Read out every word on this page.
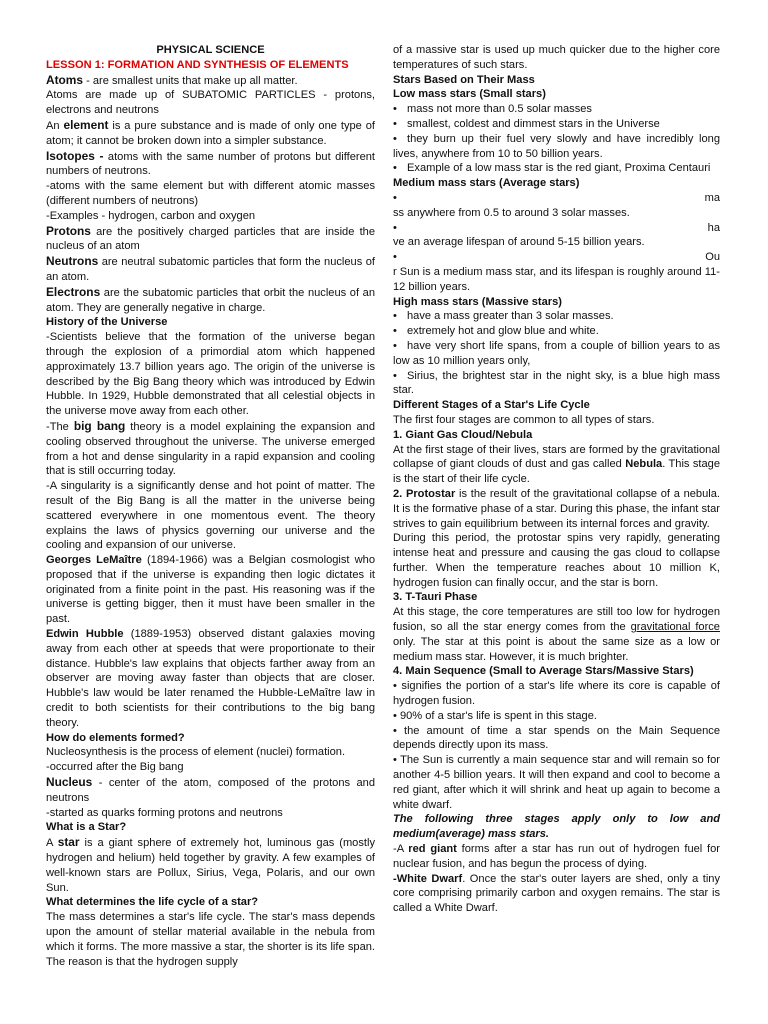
PHYSICAL SCIENCE

LESSON 1: FORMATION AND SYNTHESIS OF ELEMENTS

Atoms - are smallest units that make up all matter.

Atoms are made up of SUBATOMIC PARTICLES - protons, electrons and neutrons

An element is a pure substance and is made of only one type of atom; it cannot be broken down into a simpler substance.

Isotopes - atoms with the same number of protons but different numbers of neutrons.

-atoms with the same element but with different atomic masses (different numbers of neutrons)

-Examples - hydrogen, carbon and oxygen

Protons are the positively charged particles that are inside the nucleus of an atom

Neutrons are neutral subatomic particles that form the nucleus of an atom.

Electrons are the subatomic particles that orbit the nucleus of an atom. They are generally negative in charge.

History of the Universe

-Scientists believe that the formation of the universe began through the explosion of a primordial atom which happened approximately 13.7 billion years ago. The origin of the universe is described by the Big Bang theory which was introduced by Edwin Hubble. In 1929, Hubble demonstrated that all celestial objects in the universe move away from each other.

-The big bang theory is a model explaining the expansion and cooling observed throughout the universe. The universe emerged from a hot and dense singularity in a rapid expansion and cooling that is still occurring today.

-A singularity is a significantly dense and hot point of matter. The result of the Big Bang is all the matter in the universe being scattered everywhere in one momentous event. The theory explains the laws of physics governing our universe and the cooling and expansion of our universe.

Georges LeMaître (1894-1966) was a Belgian cosmologist who proposed that if the universe is expanding then logic dictates it originated from a finite point in the past. His reasoning was if the universe is getting bigger, then it must have been smaller in the past.

Edwin Hubble (1889-1953) observed distant galaxies moving away from each other at speeds that were proportionate to their distance. Hubble's law explains that objects farther away from an observer are moving away faster than objects that are closer. Hubble's law would be later renamed the Hubble-LeMaître law in credit to both scientists for their contributions to the big bang theory.

How do elements formed?

Nucleosynthesis is the process of element (nuclei) formation.

-occurred after the Big bang

Nucleus - center of the atom, composed of the protons and neutrons

-started as quarks forming protons and neutrons

What is a Star?

A star is a giant sphere of extremely hot, luminous gas (mostly hydrogen and helium) held together by gravity. A few examples of well-known stars are Pollux, Sirius, Vega, Polaris, and our own Sun.

What determines the life cycle of a star?

The mass determines a star's life cycle. The star's mass depends upon the amount of stellar material available in the nebula from which it forms. The more massive a star, the shorter is its life span. The reason is that the hydrogen supply

of a massive star is used up much quicker due to the higher core temperatures of such stars.

Stars Based on Their Mass

Low mass stars (Small stars)

• mass not more than 0.5 solar masses

• smallest, coldest and dimmest stars in the Universe

• they burn up their fuel very slowly and have incredibly long lives, anywhere from 10 to 50 billion years.

• Example of a low mass star is the red giant, Proxima Centauri

Medium mass stars (Average stars)

•	ma

ss anywhere from 0.5 to around 3 solar masses.

•	ha

ve an average lifespan of around 5-15 billion years.

•	Ou

r Sun is a medium mass star, and its lifespan is roughly around 11-12 billion years.

High mass stars (Massive stars)

• have a mass greater than 3 solar masses.

• extremely hot and glow blue and white.

• have very short life spans, from a couple of billion years to as low as 10 million years only,

• Sirius, the brightest star in the night sky, is a blue high mass star.

Different Stages of a Star's Life Cycle

The first four stages are common to all types of stars.

1. Giant Gas Cloud/Nebula

At the first stage of their lives, stars are formed by the gravitational collapse of giant clouds of dust and gas called Nebula. This stage is the start of their life cycle.

2. Protostar is the result of the gravitational collapse of a nebula. It is the formative phase of a star. During this phase, the infant star strives to gain equilibrium between its internal forces and gravity.

During this period, the protostar spins very rapidly, generating intense heat and pressure and causing the gas cloud to collapse further. When the temperature reaches about 10 million K, hydrogen fusion can finally occur, and the star is born.

3. T-Tauri Phase

At this stage, the core temperatures are still too low for hydrogen fusion, so all the star energy comes from the gravitational force only. The star at this point is about the same size as a low or medium mass star. However, it is much brighter.

4. Main Sequence (Small to Average Stars/Massive Stars)

• signifies the portion of a star's life where its core is capable of hydrogen fusion.

• 90% of a star's life is spent in this stage.

• the amount of time a star spends on the Main Sequence depends directly upon its mass.

• The Sun is currently a main sequence star and will remain so for another 4-5 billion years. It will then expand and cool to become a red giant, after which it will shrink and heat up again to become a white dwarf.

The following three stages apply only to low and medium(average) mass stars.

-A red giant forms after a star has run out of hydrogen fuel for nuclear fusion, and has begun the process of dying.

-White Dwarf. Once the star's outer layers are shed, only a tiny core comprising primarily carbon and oxygen remains. The star is called a White Dwarf.
